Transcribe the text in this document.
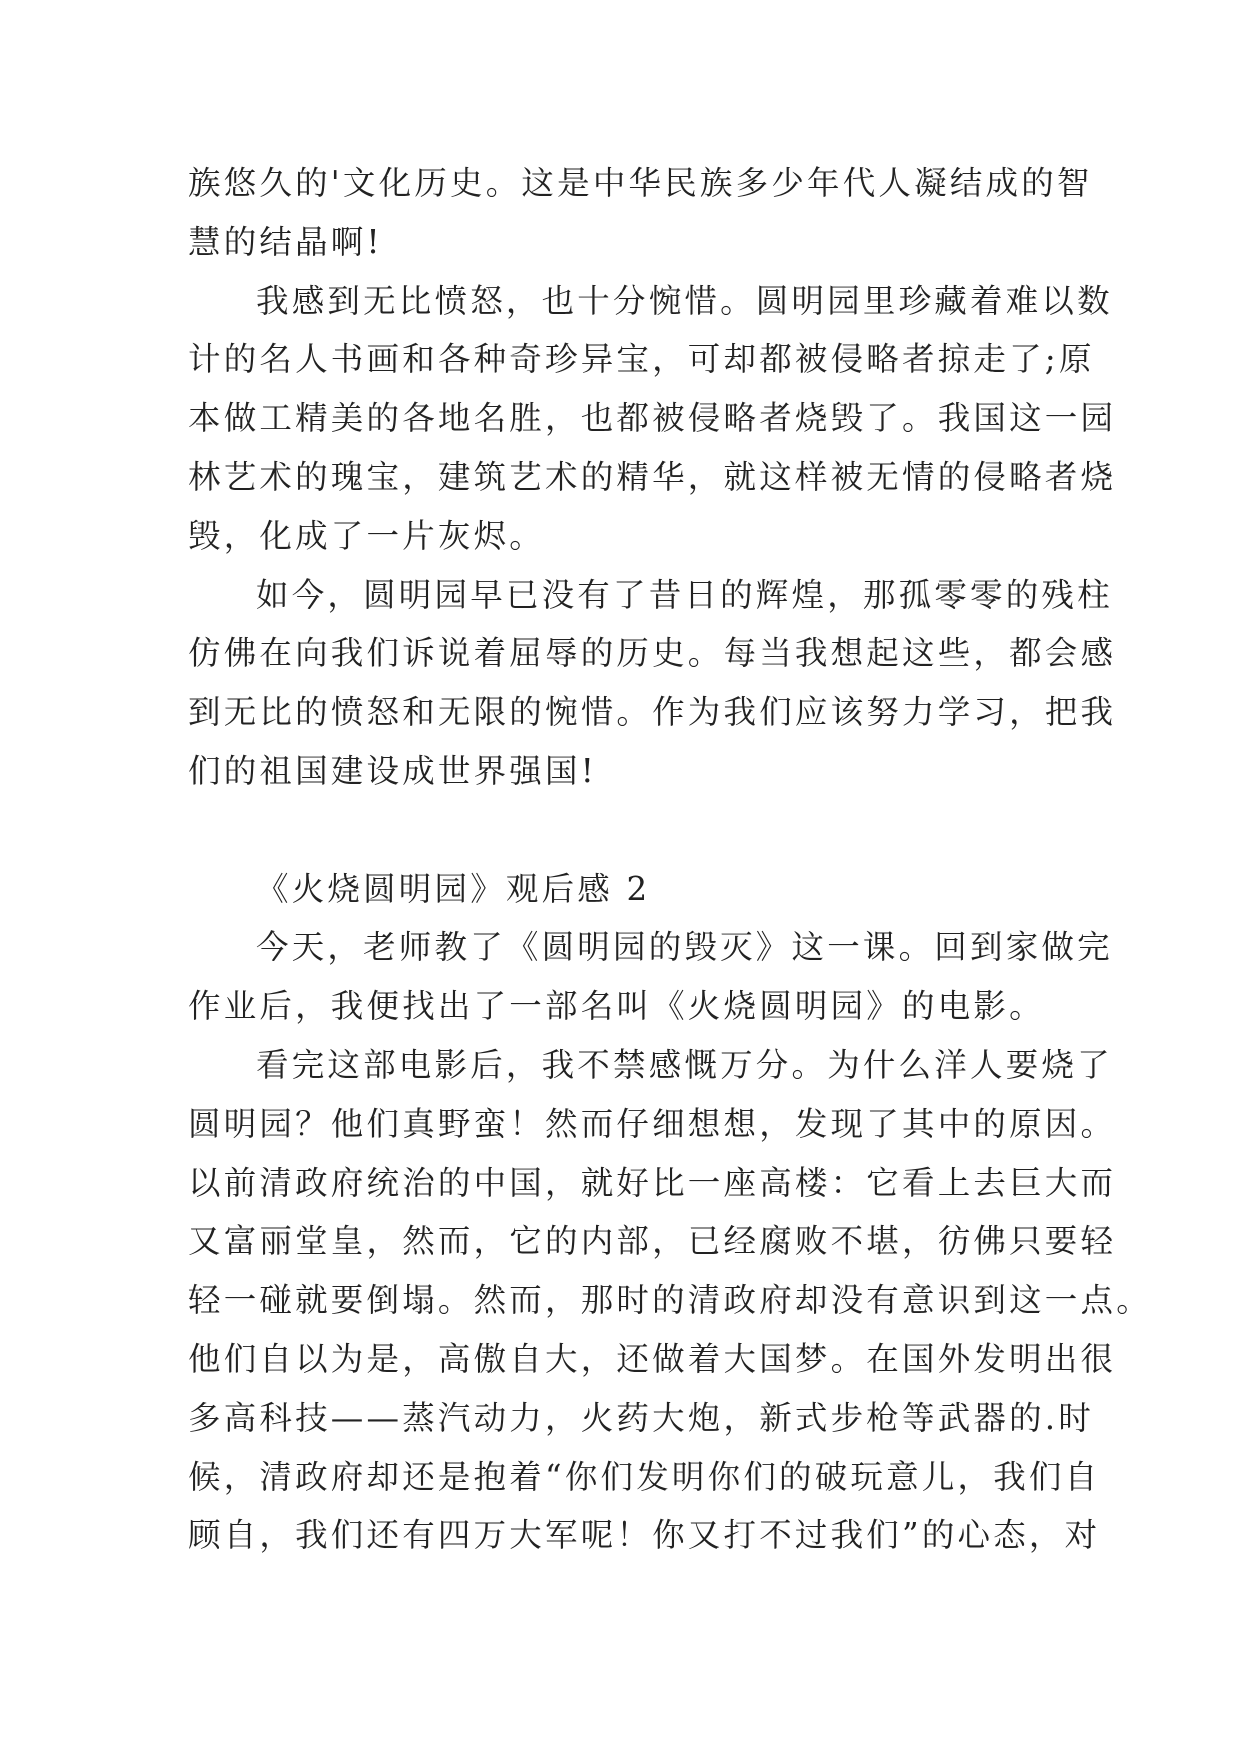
族悠久的'文化历史。这是中华民族多少年代人凝结成的智
慧的结晶啊!
我感到无比愤怒，也十分惋惜。圆明园里珍藏着难以数
计的名人书画和各种奇珍异宝，可却都被侵略者掠走了;原
本做工精美的各地名胜，也都被侵略者烧毁了。我国这一园
林艺术的瑰宝，建筑艺术的精华，就这样被无情的侵略者烧
毁，化成了一片灰烬。
如今，圆明园早已没有了昔日的辉煌，那孤零零的残柱
仿佛在向我们诉说着屈辱的历史。每当我想起这些，都会感
到无比的愤怒和无限的惋惜。作为我们应该努力学习，把我
们的祖国建设成世界强国!
《火烧圆明园》观后感 2
今天，老师教了《圆明园的毁灭》这一课。回到家做完
作业后，我便找出了一部名叫《火烧圆明园》的电影。
看完这部电影后，我不禁感慨万分。为什么洋人要烧了
圆明园？他们真野蛮！然而仔细想想，发现了其中的原因。
以前清政府统治的中国，就好比一座高楼：它看上去巨大而
又富丽堂皇，然而，它的内部，已经腐败不堪，彷佛只要轻
轻一碰就要倒塌。然而，那时的清政府却没有意识到这一点。
他们自以为是，高傲自大，还做着大国梦。在国外发明出很
多高科技——蒸汽动力，火药大炮，新式步枪等武器的.时
候，清政府却还是抱着“你们发明你们的破玩意儿，我们自
顾自，我们还有四万大军呢！你又打不过我们”的心态，对
